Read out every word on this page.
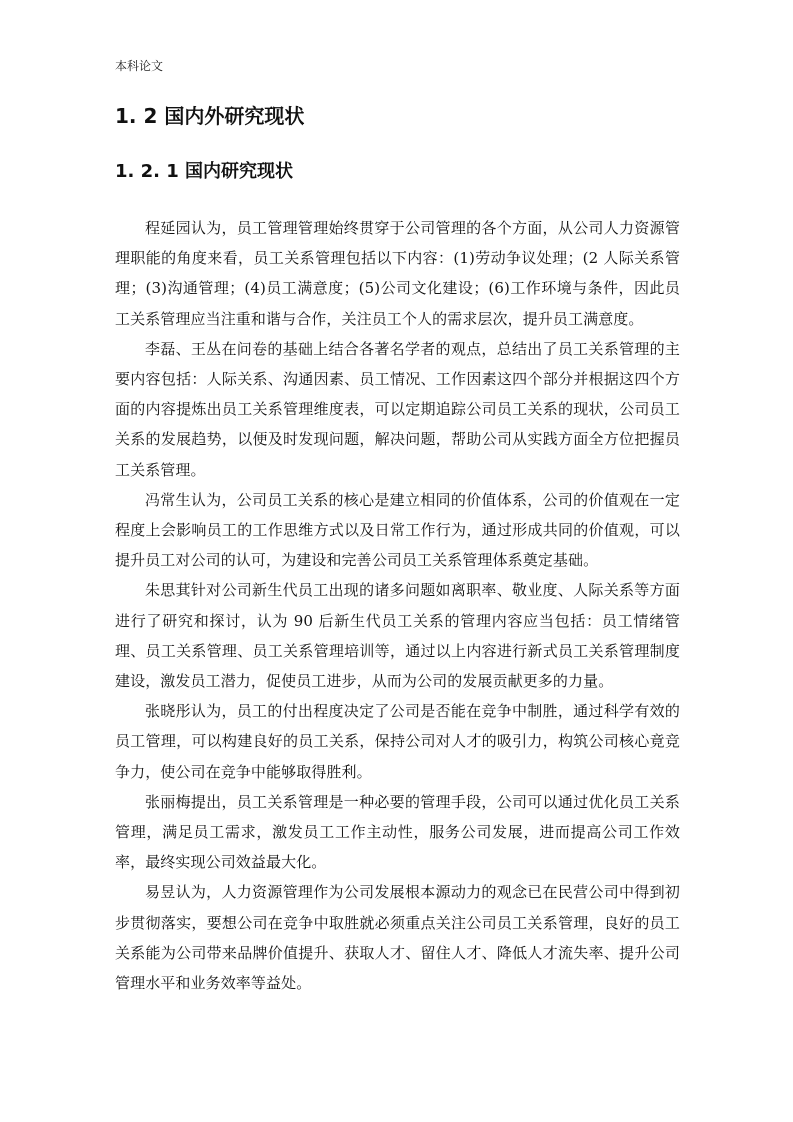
本科论文
1. 2 国内外研究现状
1. 2. 1 国内研究现状

程延园认为，员工管理管理始终贯穿于公司管理的各个方面，从公司人力资源管理职能的角度来看，员工关系管理包括以下内容：(1)劳动争议处理；(2 人际关系管理；(3)沟通管理；(4)员工满意度；(5)公司文化建设；(6)工作环境与条件，因此员工关系管理应当注重和谐与合作，关注员工个人的需求层次，提升员工满意度。

李磊、王丛在问卷的基础上结合各著名学者的观点，总结出了员工关系管理的主要内容包括：人际关系、沟通因素、员工情况、工作因素这四个部分并根据这四个方面的内容提炼出员工关系管理维度表，可以定期追踪公司员工关系的现状，公司员工关系的发展趋势，以便及时发现问题，解决问题，帮助公司从实践方面全方位把握员工关系管理。

冯常生认为，公司员工关系的核心是建立相同的价值体系，公司的价值观在一定程度上会影响员工的工作思维方式以及日常工作行为，通过形成共同的价值观，可以提升员工对公司的认可，为建设和完善公司员工关系管理体系奠定基础。

朱思萁针对公司新生代员工出现的诸多问题如离职率、敬业度、人际关系等方面进行了研究和探讨，认为 90 后新生代员工关系的管理内容应当包括：员工情绪管理、员工关系管理、员工关系管理培训等，通过以上内容进行新式员工关系管理制度建设，激发员工潜力，促使员工进步，从而为公司的发展贡献更多的力量。

张晓彤认为，员工的付出程度决定了公司是否能在竞争中制胜，通过科学有效的员工管理，可以构建良好的员工关系，保持公司对人才的吸引力，构筑公司核心竟竞争力，使公司在竞争中能够取得胜利。

张丽梅提出，员工关系管理是一种必要的管理手段，公司可以通过优化员工关系管理，满足员工需求，激发员工工作主动性，服务公司发展，进而提高公司工作效率，最终实现公司效益最大化。

易昱认为，人力资源管理作为公司发展根本源动力的观念已在民营公司中得到初步贯彻落实，要想公司在竞争中取胜就必须重点关注公司员工关系管理，良好的员工关系能为公司带来品牌价值提升、获取人才、留住人才、降低人才流失率、提升公司管理水平和业务效率等益处。
